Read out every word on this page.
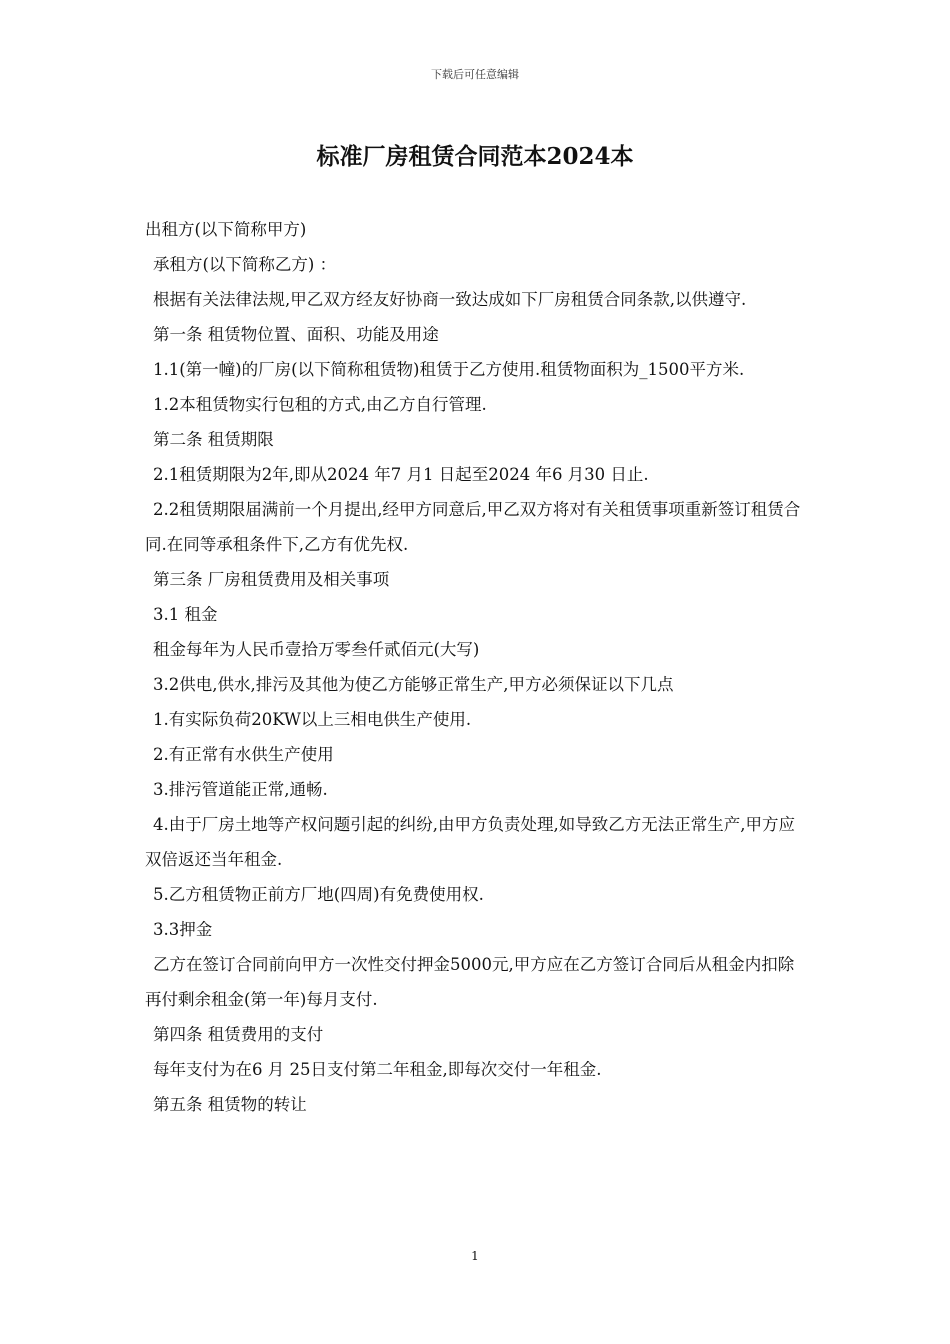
下载后可任意编辑
标准厂房租赁合同范本2024本

出租方(以下简称甲方)

承租方(以下简称乙方) ：

根据有关法律法规,甲乙双方经友好协商一致达成如下厂房租赁合同条款,以供遵守.

第一条 租赁物位置、面积、功能及用途

1.1(第一幢)的厂房(以下简称租赁物)租赁于乙方使用.租赁物面积为_1500平方米.

1.2本租赁物实行包租的方式,由乙方自行管理.

第二条 租赁期限

2.1租赁期限为2年,即从2024 年7 月1 日起至2024 年6 月30 日止.

2.2租赁期限届满前一个月提出,经甲方同意后,甲乙双方将对有关租赁事项重新签订租赁合同.在同等承租条件下,乙方有优先权.

第三条 厂房租赁费用及相关事项

3.1 租金

租金每年为人民币壹拾万零叁仟贰佰元(大写)

3.2供电,供水,排污及其他为使乙方能够正常生产,甲方必须保证以下几点

1.有实际负荷20KW以上三相电供生产使用.

2.有正常有水供生产使用

3.排污管道能正常,通畅.

4.由于厂房土地等产权问题引起的纠纷,由甲方负责处理,如导致乙方无法正常生产,甲方应双倍返还当年租金.

5.乙方租赁物正前方厂地(四周)有免费使用权.

3.3押金

乙方在签订合同前向甲方一次性交付押金5000元,甲方应在乙方签订合同后从租金内扣除再付剩余租金(第一年)每月支付.

第四条 租赁费用的支付

每年支付为在6 月 25日支付第二年租金,即每次交付一年租金.

第五条 租赁物的转让

1
